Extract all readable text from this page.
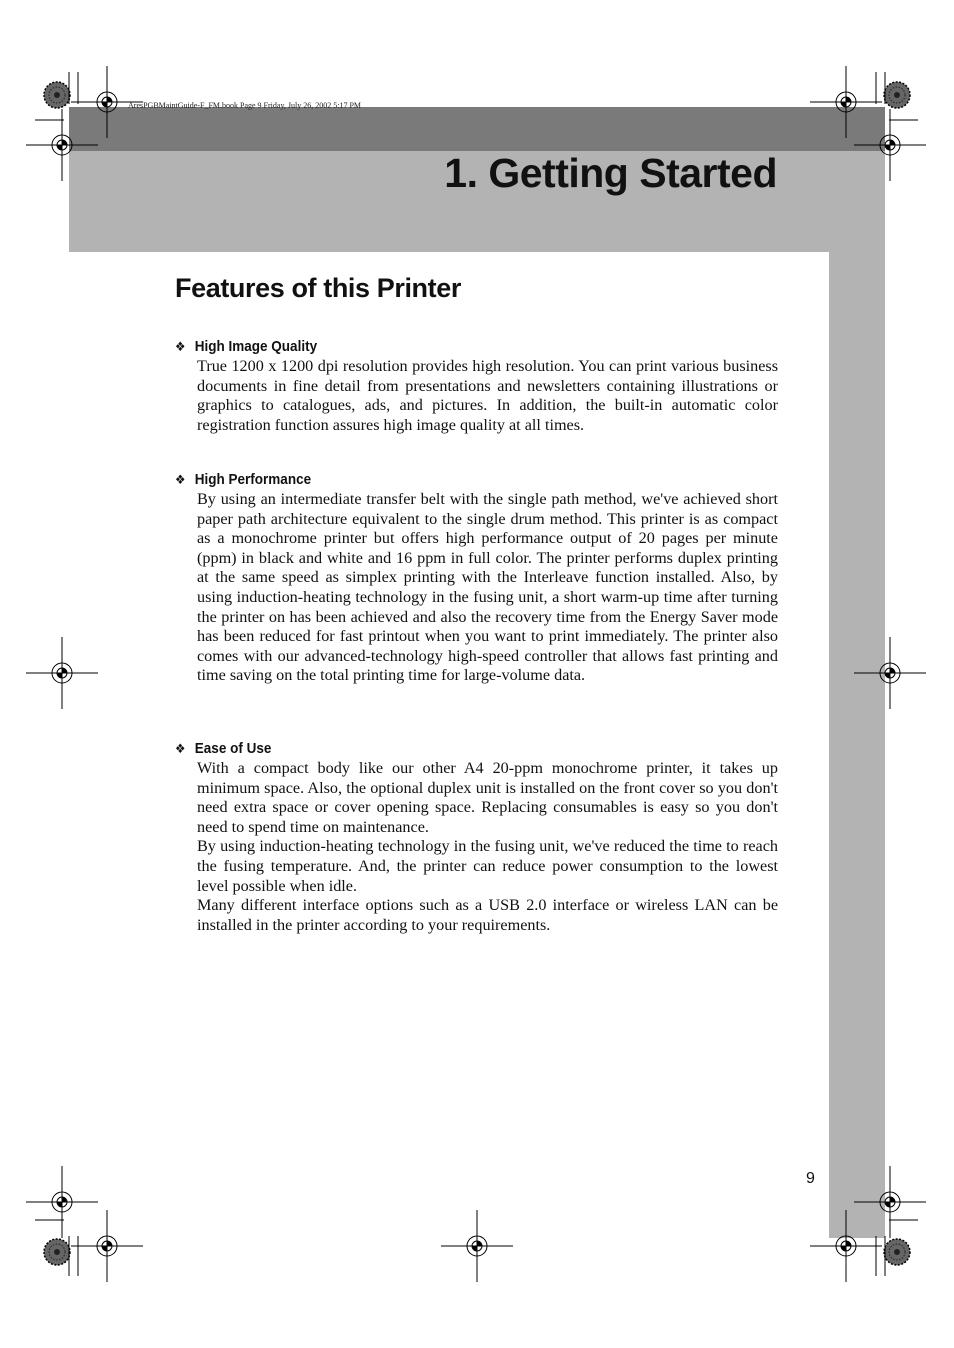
AresPGBMaintGuide-F_FM.book Page 9 Friday, July 26, 2002 5:17 PM
1. Getting Started
Features of this Printer
❖ High Image Quality

True 1200 x 1200 dpi resolution provides high resolution. You can print various business documents in fine detail from presentations and newsletters containing illustrations or graphics to catalogues, ads, and pictures. In addition, the built-in automatic color registration function assures high image quality at all times.

❖ High Performance

By using an intermediate transfer belt with the single path method, we've achieved short paper path architecture equivalent to the single drum method. This printer is as compact as a monochrome printer but offers high performance output of 20 pages per minute (ppm) in black and white and 16 ppm in full color. The printer performs duplex printing at the same speed as simplex printing with the Interleave function installed. Also, by using induction-heating technology in the fusing unit, a short warm-up time after turning the printer on has been achieved and also the recovery time from the Energy Saver mode has been reduced for fast printout when you want to print immediately. The printer also comes with our advanced-technology high-speed controller that allows fast printing and time saving on the total printing time for large-volume data.

❖ Ease of Use

With a compact body like our other A4 20-ppm monochrome printer, it takes up minimum space. Also, the optional duplex unit is installed on the front cover so you don't need extra space or cover opening space. Replacing consumables is easy so you don't need to spend time on maintenance.

By using induction-heating technology in the fusing unit, we've reduced the time to reach the fusing temperature. And, the printer can reduce power consumption to the lowest level possible when idle.

Many different interface options such as a USB 2.0 interface or wireless LAN can be installed in the printer according to your requirements.

9
